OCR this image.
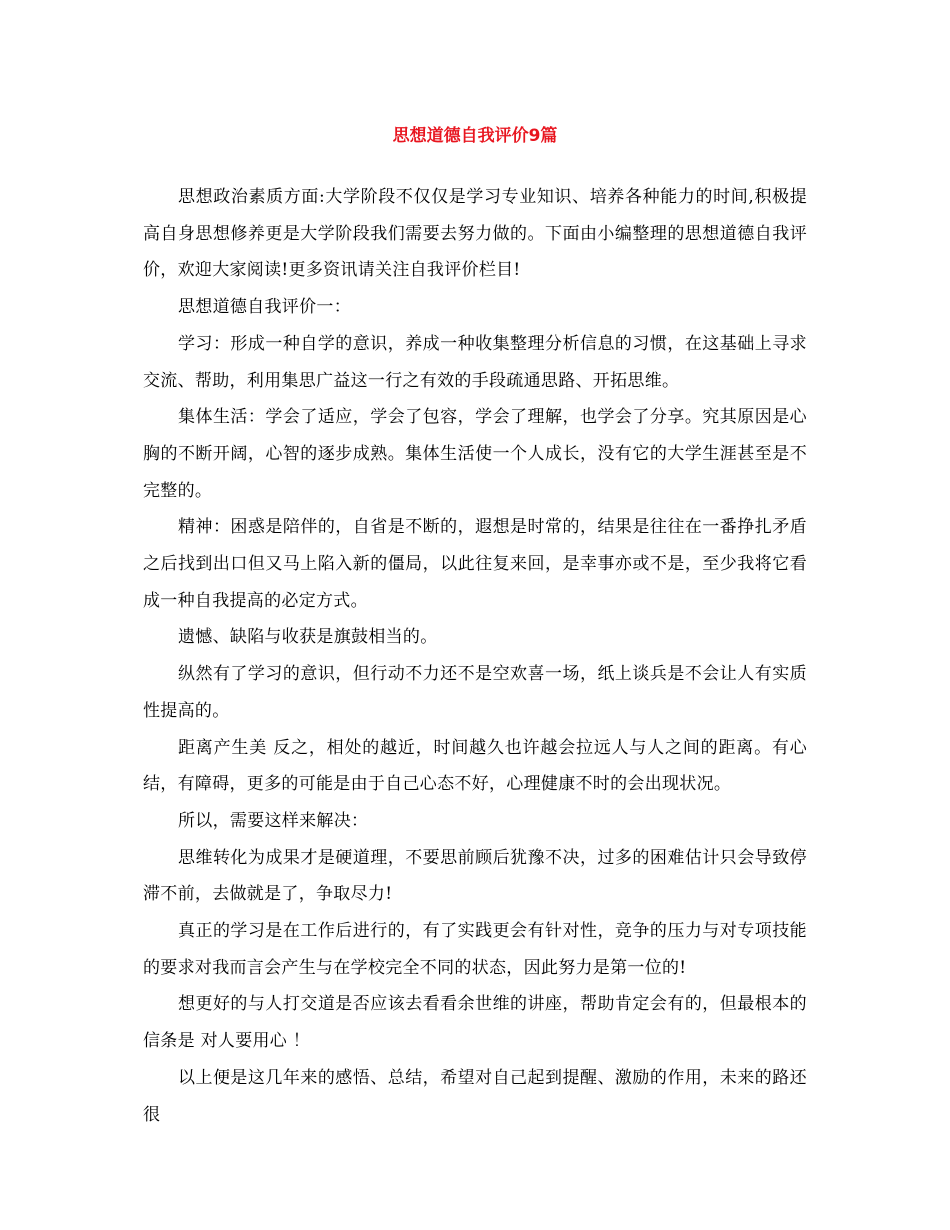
思想道德自我评价9篇

思想政治素质方面:大学阶段不仅仅是学习专业知识、培养各种能力的时间,积极提高自身思想修养更是大学阶段我们需要去努力做的。下面由小编整理的思想道德自我评价，欢迎大家阅读!更多资讯请关注自我评价栏目!

思想道德自我评价一：

学习：形成一种自学的意识，养成一种收集整理分析信息的习惯，在这基础上寻求交流、帮助，利用集思广益这一行之有效的手段疏通思路、开拓思维。

集体生活：学会了适应，学会了包容，学会了理解，也学会了分享。究其原因是心胸的不断开阔，心智的逐步成熟。集体生活使一个人成长，没有它的大学生涯甚至是不完整的。

精神：困惑是陪伴的，自省是不断的，遐想是时常的，结果是往往在一番挣扎矛盾之后找到出口但又马上陷入新的僵局，以此往复来回，是幸事亦或不是，至少我将它看成一种自我提高的必定方式。

遗憾、缺陷与收获是旗鼓相当的。

纵然有了学习的意识，但行动不力还不是空欢喜一场，纸上谈兵是不会让人有实质性提高的。

距离产生美 反之，相处的越近，时间越久也许越会拉远人与人之间的距离。有心结，有障碍，更多的可能是由于自己心态不好，心理健康不时的会出现状况。

所以，需要这样来解决：

思维转化为成果才是硬道理，不要思前顾后犹豫不决，过多的困难估计只会导致停滞不前，去做就是了，争取尽力!

真正的学习是在工作后进行的，有了实践更会有针对性，竞争的压力与对专项技能的要求对我而言会产生与在学校完全不同的状态，因此努力是第一位的!

想更好的与人打交道是否应该去看看余世维的讲座，帮助肯定会有的，但最根本的信条是 对人要用心 ！

以上便是这几年来的感悟、总结，希望对自己起到提醒、激励的作用，未来的路还很
